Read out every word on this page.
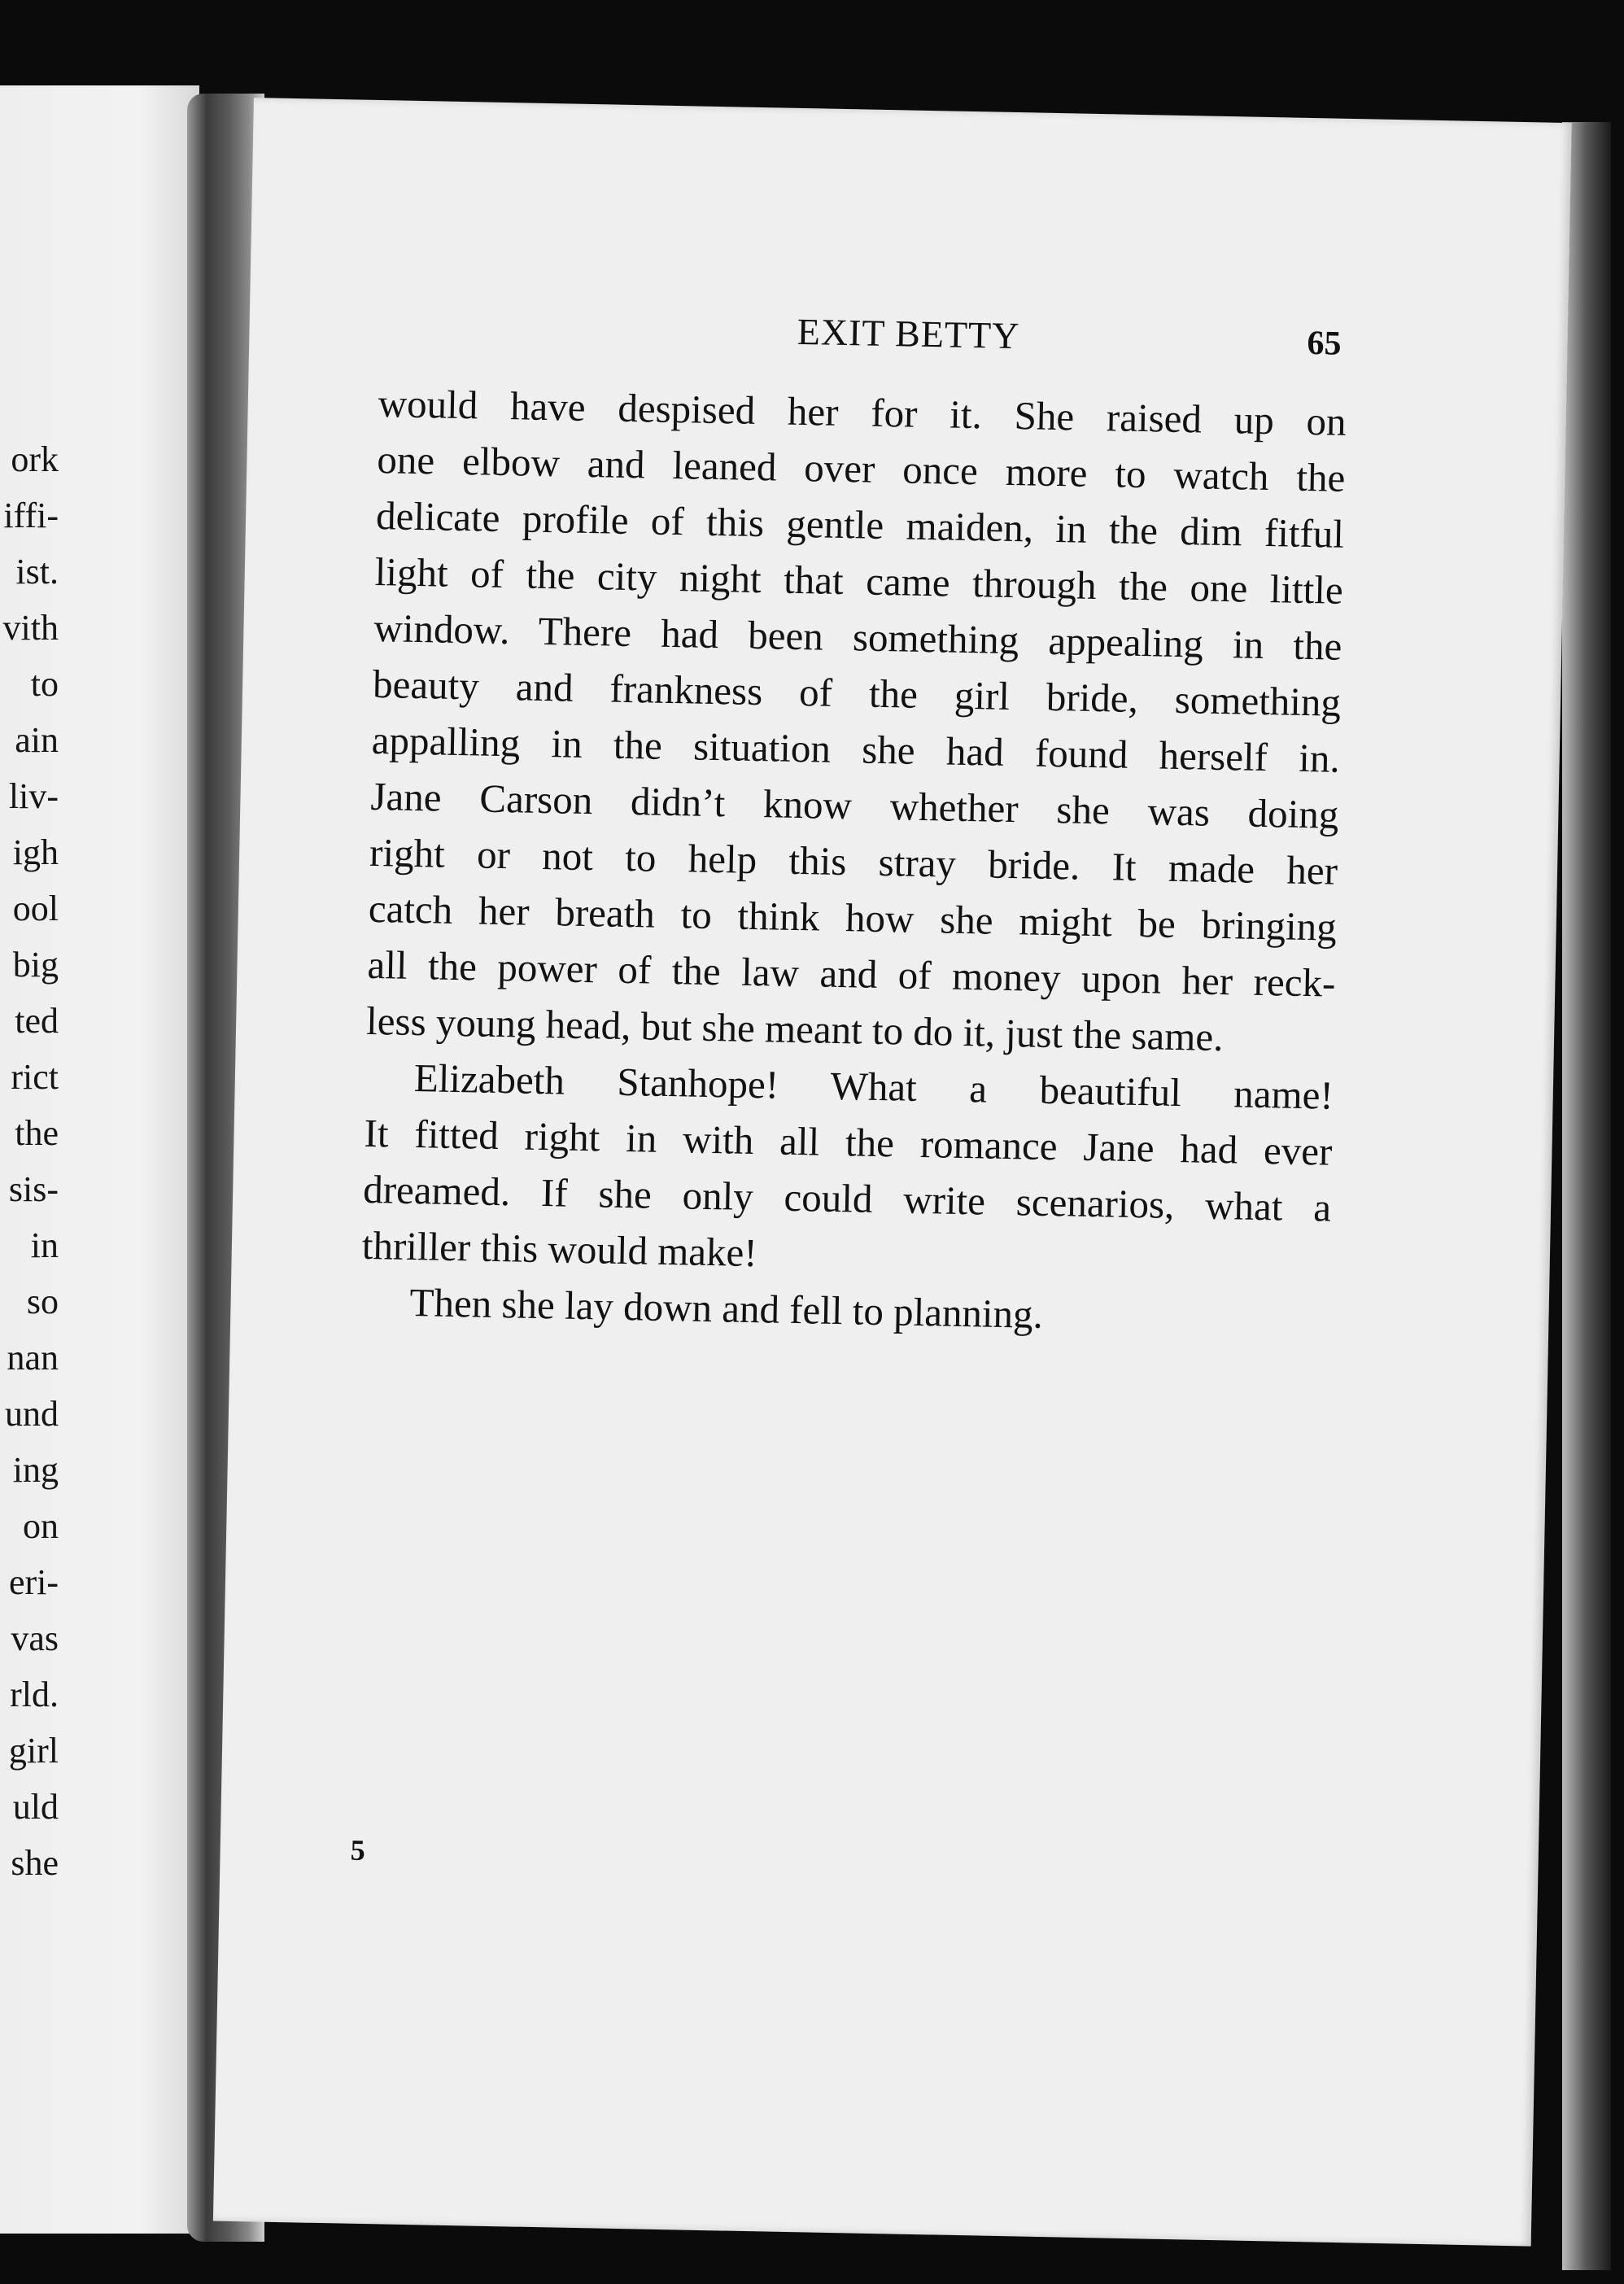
ork
iffi-
ist.
vith
to
ain
liv-
igh
ool
big
ted
rict
the
sis-
in
so
nan
und
ing
on
eri-
vas
rld.
girl
uld
she
EXIT BETTY	65
would have despised her for it. She raised up on
one elbow and leaned over once more to watch the
delicate profile of this gentle maiden, in the dim fitful
light of the city night that came through the one little
window. There had been something appealing in the
beauty and frankness of the girl bride, something
appalling in the situation she had found herself in.
Jane Carson didn’t know whether she was doing
right or not to help this stray bride. It made her
catch her breath to think how she might be bringing
all the power of the law and of money upon her reck-
less young head, but she meant to do it, just the same.
Elizabeth Stanhope! What a beautiful name!
It fitted right in with all the romance Jane had ever
dreamed. If she only could write scenarios, what a
thriller this would make!
Then she lay down and fell to planning.
5
